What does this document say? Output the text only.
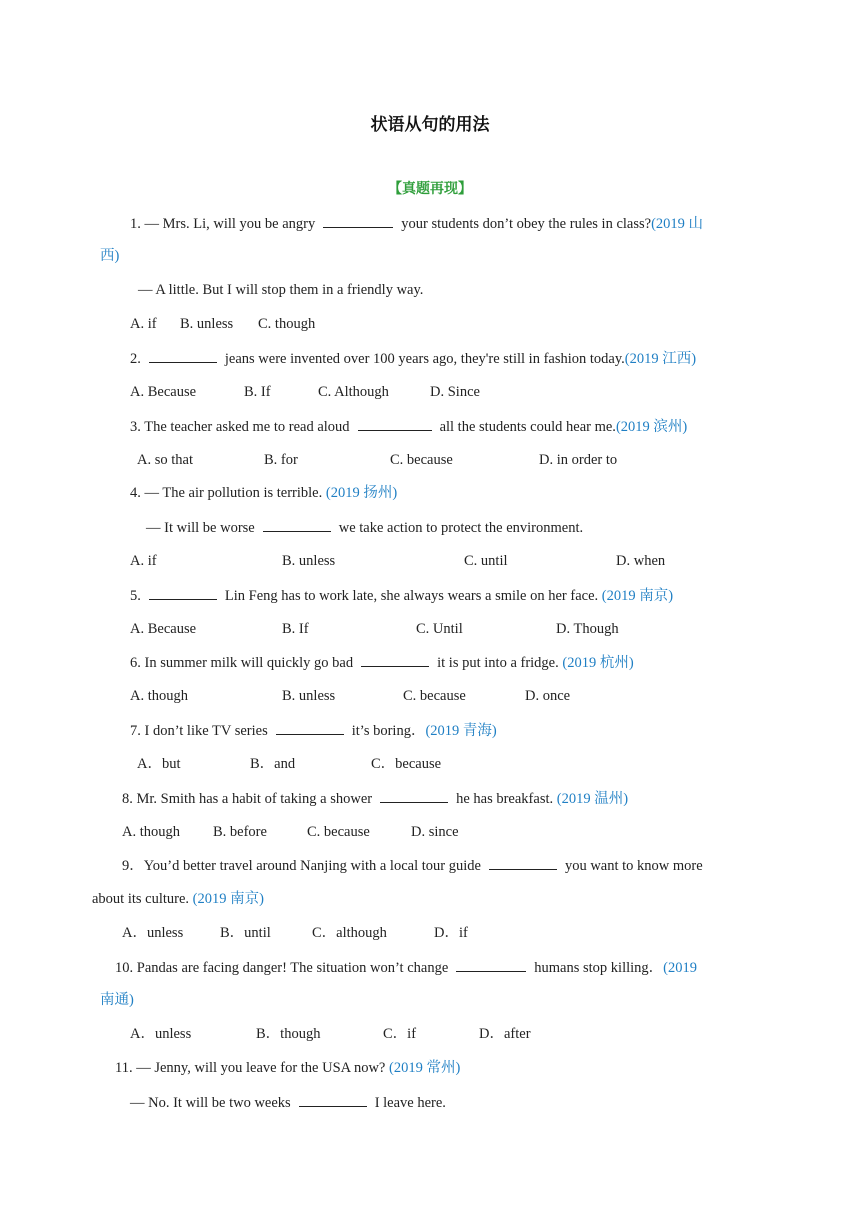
状语从句的用法
【真题再现】
1. — Mrs. Li, will you be angry	your students don’t obey the rules in class?(2019 山
西)
— A little. But I will stop them in a friendly way.
A. if B. unless C. though
2.	jeans were invented over 100 years ago, they're still in fashion today.(2019 江西)
A. Because	B. If	C. Although	D. Since
3. The teacher asked me to read aloud	all the students could hear me.(2019 滨州)
A. so that	B. for	C. because	D. in order to
4. — The air pollution is terrible. (2019 扬州)
— It will be worse	we take action to protect the environment.
A. if	B. unless	C. until	D. when
5.	Lin Feng has to work late, she always wears a smile on her face. (2019 南京)
A. Because	B. If	C. Until	D. Though
6. In summer milk will quickly go bad	it is put into a fridge. (2019 杭州)
A. though	B. unless	C. because	D. once
7. I don’t like TV series	it’s boring．(2019 青海)
A．but	B．and	C．because
8. Mr. Smith has a habit of taking a shower	he has breakfast. (2019 温州)
A. though B. before	C. because	D. since
9．You’d better travel around Nanjing with a local tour guide	you want to know more
about its culture. (2019 南京)
A．unless	B．until	C．although	D．if
10. Pandas are facing danger! The situation won’t change	humans stop killing．(2019
南通)
A．unless	B．though	C．if	D．after
11. — Jenny, will you leave for the USA now? (2019 常州)
— No. It will be two weeks	I leave here.
